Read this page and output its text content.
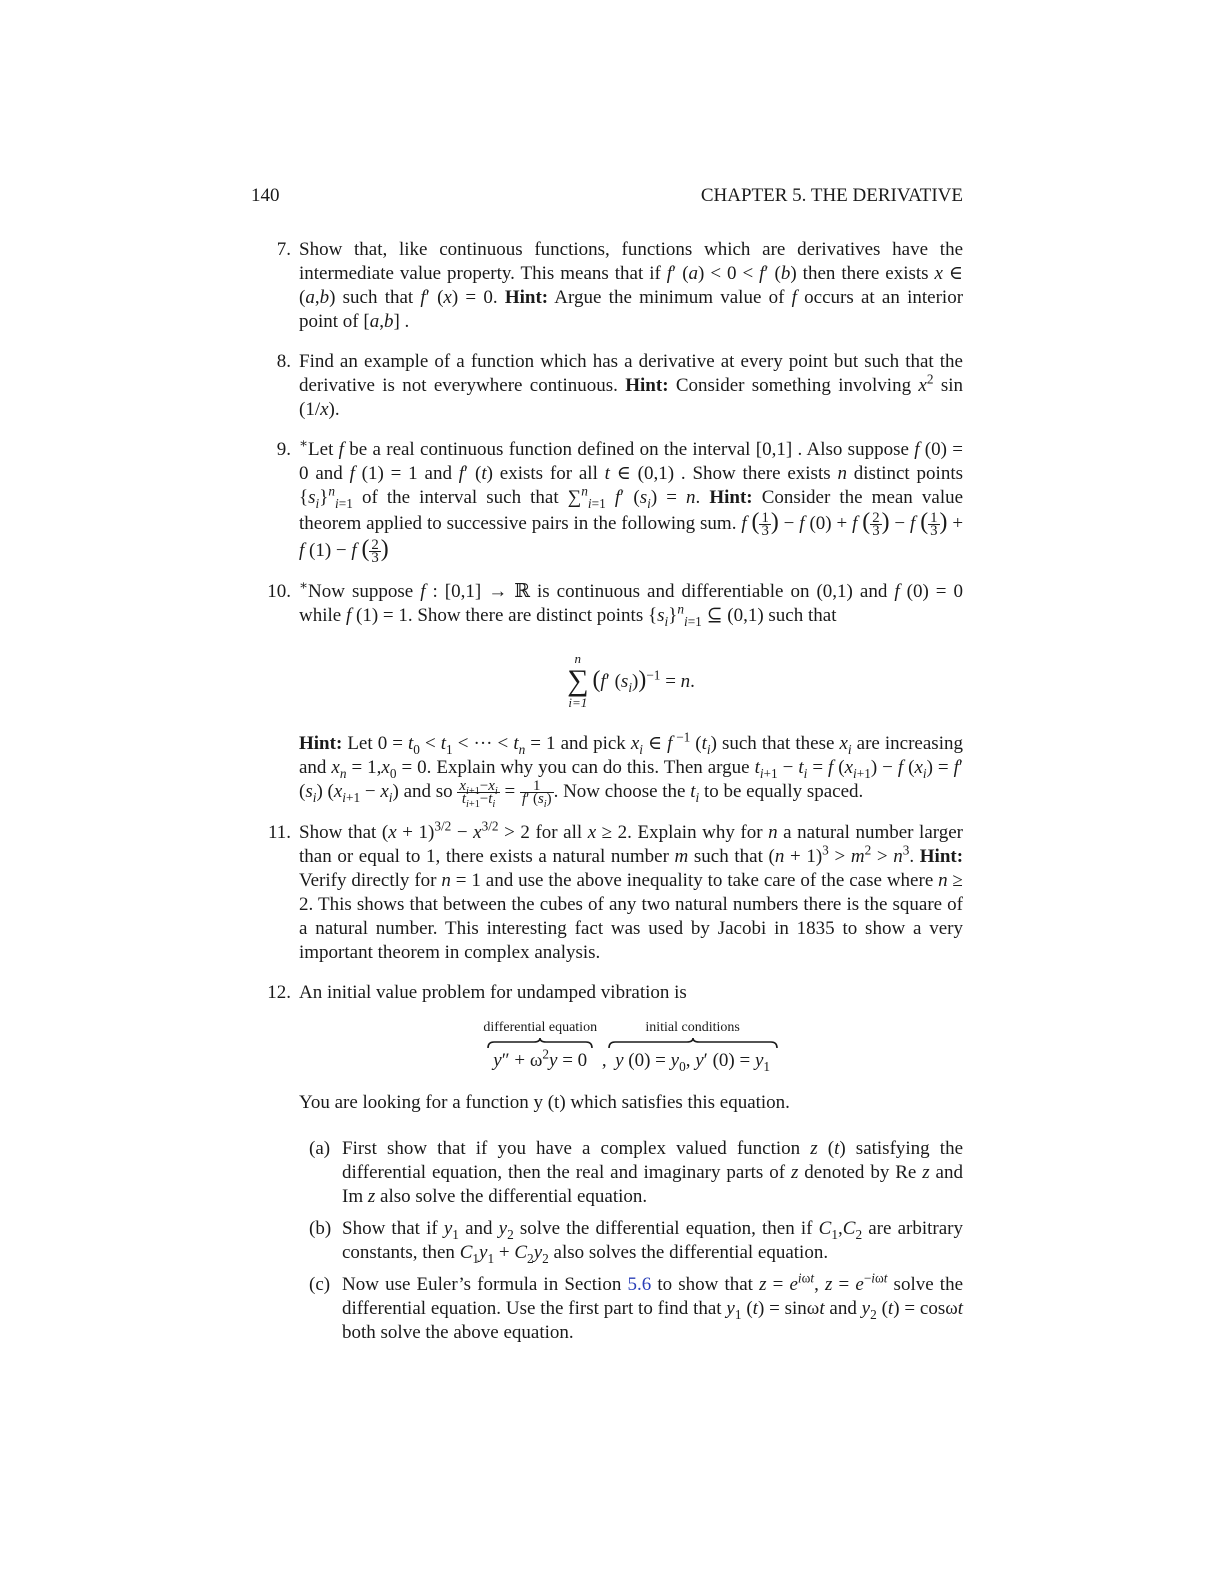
140	CHAPTER 5. THE DERIVATIVE
7. Show that, like continuous functions, functions which are derivatives have the intermediate value property. This means that if f′ (a) < 0 < f′ (b) then there exists x ∈ (a,b) such that f′ (x) = 0. Hint: Argue the minimum value of f occurs at an interior point of [a,b] .

8. Find an example of a function which has a derivative at every point but such that the derivative is not everywhere continuous. Hint: Consider something involving $x^2$ sin (1/x).

9. ∗Let f be a real continuous function defined on the interval [0,1] . Also suppose f (0) = 0 and f (1) = 1 and f′ (t) exists for all t ∈ (0,1) . Show there exists n distinct points $\{s_i\}^n_{i=1}$ of the interval such that ∑$^n_{i=1}$ f′ $(s_i) = n$. Hint: Consider the mean value theorem applied to successive pairs in the following sum. f ( $\frac{1}{3}$ ) − f (0) + f ( $\frac{2}{3}$ ) − f ( $\frac{1}{3}$ ) + f (1) − f ( $\frac{2}{3}$ )

10. ∗Now suppose f : [0,1] → ℝ is continuous and differentiable on (0,1) and f (0) = 0 while f (1) = 1. Show there are distinct points $\{s_i\}^n_{i=1}$ ⊆ (0,1) such that

n
∑
i=1
(f′ $(s_i))^{-1} = n$.

Hint: Let $0 = t_0 < t_1$ < ··· < $t_n = 1$ and pick $x_i$ ∈ f $^{-1}$ $(t_i)$ such that these $x_i$ are increasing and $x_n = 1,x_0 = 0$. Explain why you can do this. Then argue $t_{i+1} - t_i = f$ $(x_{i+1}) - f$ $(x_i) = f'$ $(s_i) (x_{i+1} - x_i)$ and so $\frac{x_{i+1}-x_i}{t_{i+1}-t_i} = \frac{1}{f' (s_i)}$ . Now choose the $t_i$ to be equally spaced.

11. Show that $(x + 1)^{3/2} - x^{3/2} > 2$ for all x ≥ 2. Explain why for n a natural number larger than or equal to 1, there exists a natural number m such that $(n + 1)^3 > m^2 > n^3$. Hint: Verify directly for n = 1 and use the above inequality to take care of the case where n ≥ 2. This shows that between the cubes of any two natural numbers there is the square of a natural number. This interesting fact was used by Jacobi in 1835 to show a very important theorem in complex analysis.

12. An initial value problem for undamped vibration is

differential equation
$y'' + \omega^2y = 0$ ,
initial conditions
y $(0) = y_0$, y′ $(0) = y_1$

You are looking for a function y (t) which satisfies this equation.

(a) First show that if you have a complex valued function z (t) satisfying the differential equation, then the real and imaginary parts of z denoted by Re z and Im z also solve the differential equation.

(b) Show that if $y_1$ and $y_2$ solve the differential equation, then if $C_1,C_2$ are arbitrary constants, then $C_1y_1 + C_2y_2$ also solves the differential equation.

(c) Now use Euler’s formula in Section 5.6 to show that $z = e^{i\omega t}$, $z = e^{-i\omega t}$ solve the differential equation. Use the first part to find that $y_1$ (t) = sinωt and $y_2$ (t) = cosωt both solve the above equation.
